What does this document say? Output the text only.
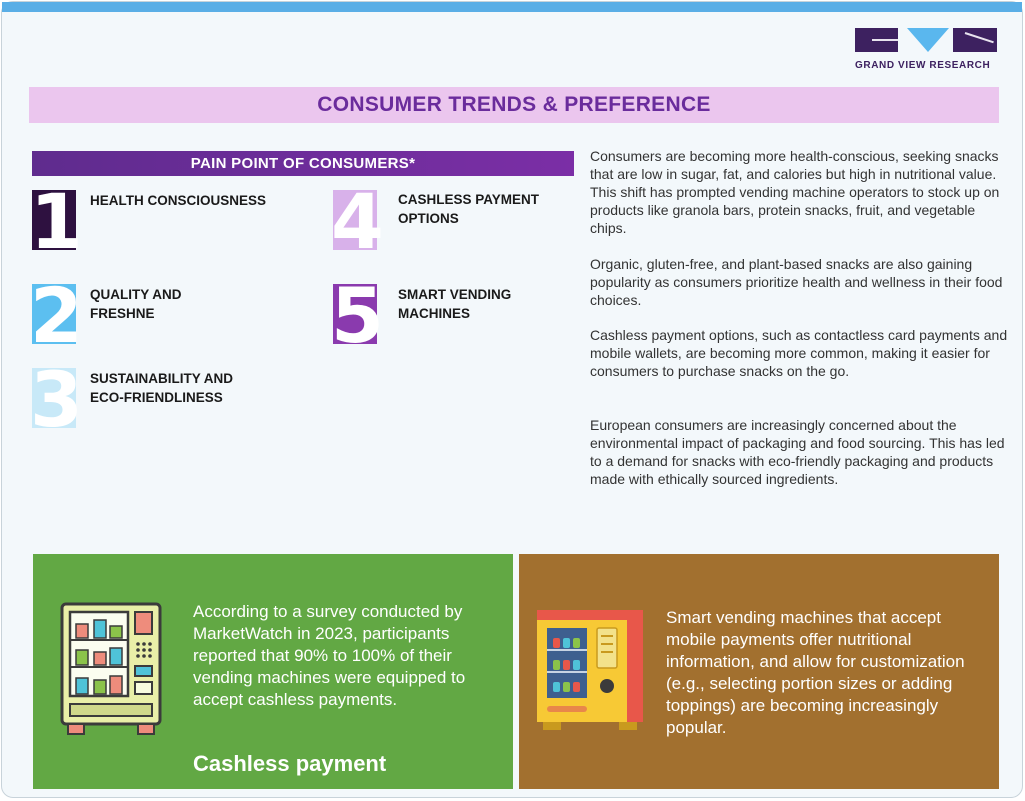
GRAND VIEW RESEARCH
CONSUMER TRENDS & PREFERENCE
PAIN POINT OF CONSUMERS*
1 HEALTH CONSCIOUSNESS
2 QUALITY AND FRESHNE
3 SUSTAINABILITY AND ECO-FRIENDLINESS
4 CASHLESS PAYMENT OPTIONS
5 SMART VENDING MACHINES

Consumers are becoming more health-conscious, seeking snacks that are low in sugar, fat, and calories but high in nutritional value. This shift has prompted vending machine operators to stock up on products like granola bars, protein snacks, fruit, and vegetable chips.

Organic, gluten-free, and plant-based snacks are also gaining popularity as consumers prioritize health and wellness in their food choices.

Cashless payment options, such as contactless card payments and mobile wallets, are becoming more common, making it easier for consumers to purchase snacks on the go.

European consumers are increasingly concerned about the environmental impact of packaging and food sourcing. This has led to a demand for snacks with eco-friendly packaging and products made with ethically sourced ingredients.

According to a survey conducted by MarketWatch in 2023, participants reported that 90% to 100% of their vending machines were equipped to accept cashless payments.

Cashless payment

Smart vending machines that accept mobile payments offer nutritional information, and allow for customization (e.g., selecting portion sizes or adding toppings) are becoming increasingly popular.
